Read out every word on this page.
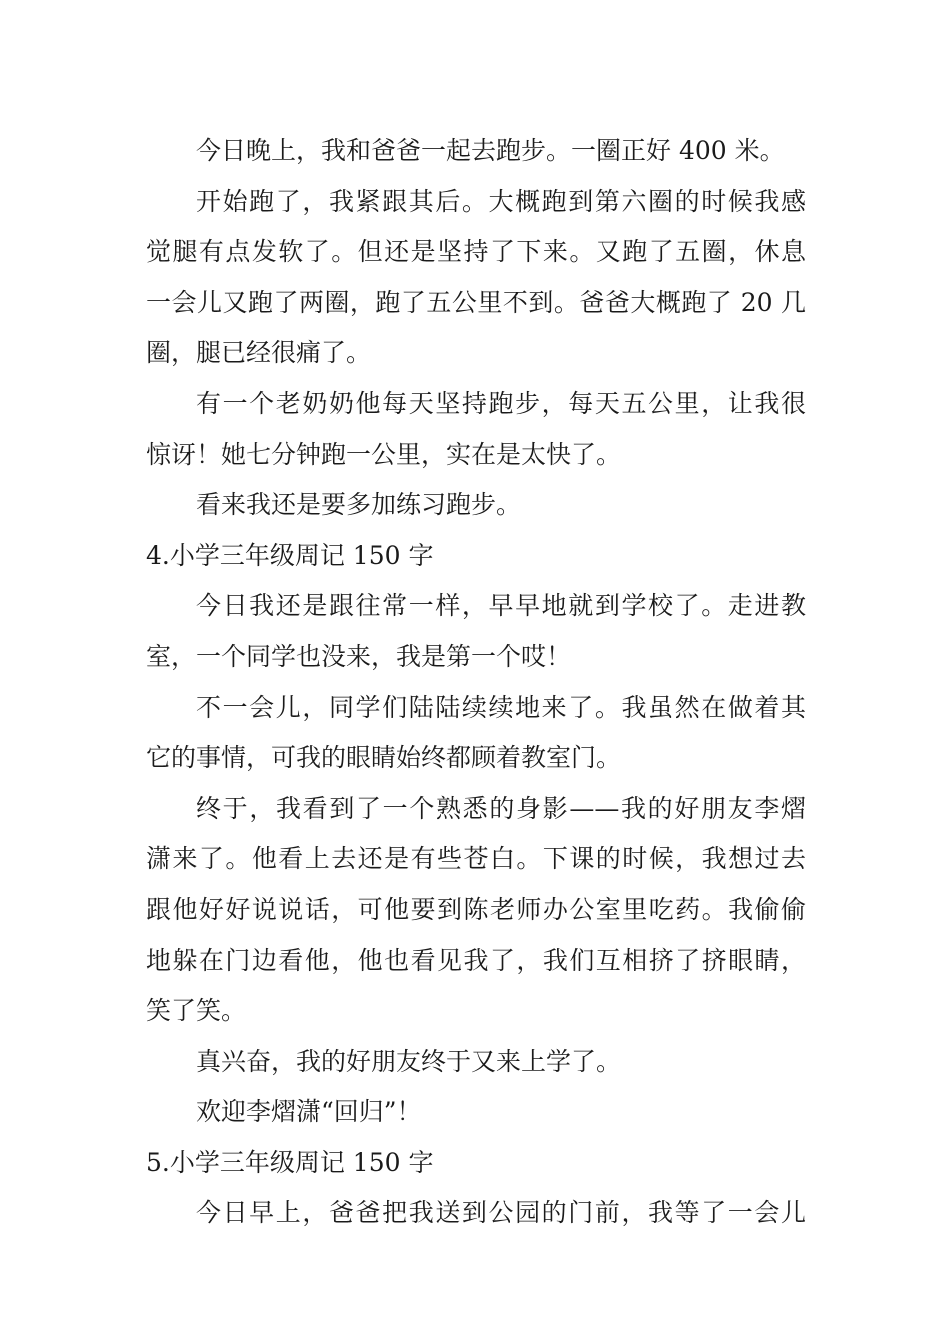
今日晚上，我和爸爸一起去跑步。一圈正好 400 米。
开始跑了，我紧跟其后。大概跑到第六圈的时候我感
觉腿有点发软了。但还是坚持了下来。又跑了五圈，休息
一会儿又跑了两圈，跑了五公里不到。爸爸大概跑了 20 几
圈，腿已经很痛了。
有一个老奶奶他每天坚持跑步，每天五公里，让我很
惊讶！她七分钟跑一公里，实在是太快了。
看来我还是要多加练习跑步。
4.小学三年级周记 150 字
今日我还是跟往常一样，早早地就到学校了。走进教
室，一个同学也没来，我是第一个哎！
不一会儿，同学们陆陆续续地来了。我虽然在做着其
它的事情，可我的眼睛始终都顾着教室门。
终于，我看到了一个熟悉的身影——我的好朋友李熠
潇来了。他看上去还是有些苍白。下课的时候，我想过去
跟他好好说说话，可他要到陈老师办公室里吃药。我偷偷
地躲在门边看他，他也看见我了，我们互相挤了挤眼睛，
笑了笑。
真兴奋，我的好朋友终于又来上学了。
欢迎李熠潇“回归”！
5.小学三年级周记 150 字
今日早上，爸爸把我送到公园的门前，我等了一会儿
